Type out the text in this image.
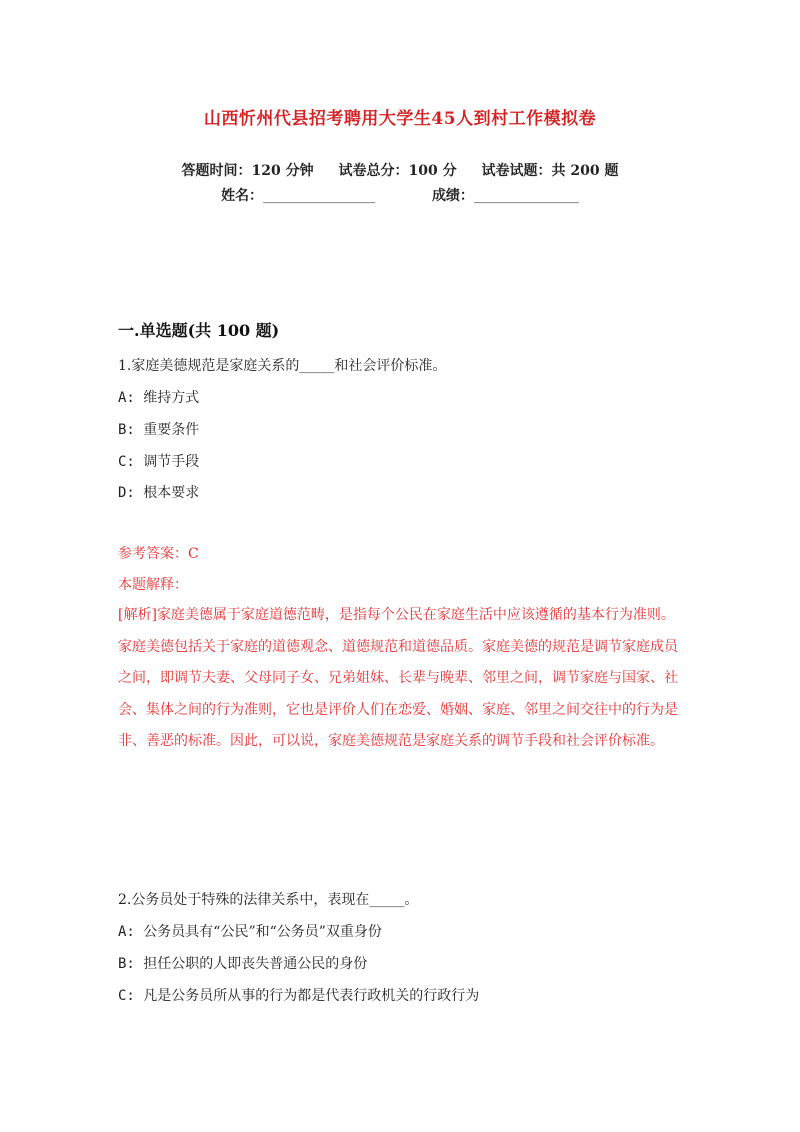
山西忻州代县招考聘用大学生45人到村工作模拟卷
答题时间：120 分钟 试卷总分：100 分 试卷试题：共 200 题
姓名：________________	成绩：_______________
一.单选题(共 100 题)
1.家庭美德规范是家庭关系的_____和社会评价标准。
A: 维持方式
B: 重要条件
C: 调节手段
D: 根本要求
参考答案：C
本题解释：
[解析]家庭美德属于家庭道德范畴，是指每个公民在家庭生活中应该遵循的基本行为准则。家庭美德包括关于家庭的道德观念、道德规范和道德品质。家庭美德的规范是调节家庭成员之间，即调节夫妻、父母同子女、兄弟姐妹、长辈与晚辈、邻里之间，调节家庭与国家、社会、集体之间的行为准则，它也是评价人们在恋爱、婚姻、家庭、邻里之间交往中的行为是非、善恶的标准。因此，可以说，家庭美德规范是家庭关系的调节手段和社会评价标准。
2.公务员处于特殊的法律关系中，表现在_____。
A: 公务员具有“公民”和“公务员”双重身份
B: 担任公职的人即丧失普通公民的身份
C: 凡是公务员所从事的行为都是代表行政机关的行政行为
